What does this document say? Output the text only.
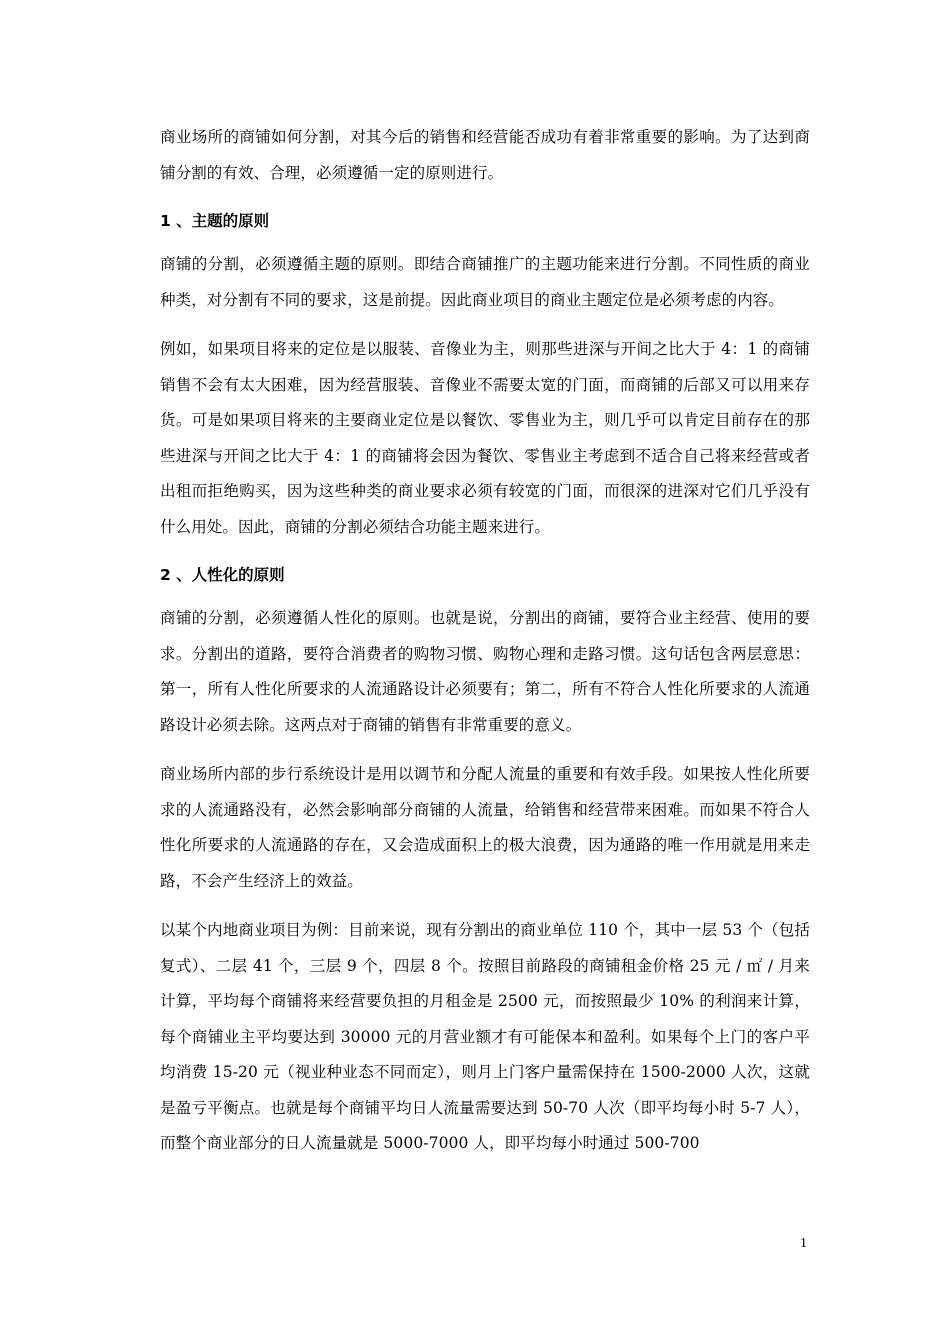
商业场所的商铺如何分割，对其今后的销售和经营能否成功有着非常重要的影响。为了达到商铺分割的有效、合理，必须遵循一定的原则进行。

1 、主题的原则

商铺的分割，必须遵循主题的原则。即结合商铺推广的主题功能来进行分割。不同性质的商业种类，对分割有不同的要求，这是前提。因此商业项目的商业主题定位是必须考虑的内容。

例如，如果项目将来的定位是以服装、音像业为主，则那些进深与开间之比大于 4：1 的商铺销售不会有太大困难，因为经营服装、音像业不需要太宽的门面，而商铺的后部又可以用来存货。可是如果项目将来的主要商业定位是以餐饮、零售业为主，则几乎可以肯定目前存在的那些进深与开间之比大于 4：1 的商铺将会因为餐饮、零售业主考虑到不适合自己将来经营或者出租而拒绝购买，因为这些种类的商业要求必须有较宽的门面，而很深的进深对它们几乎没有什么用处。因此，商铺的分割必须结合功能主题来进行。

2 、人性化的原则

商铺的分割，必须遵循人性化的原则。也就是说，分割出的商铺，要符合业主经营、使用的要求。分割出的道路，要符合消费者的购物习惯、购物心理和走路习惯。这句话包含两层意思：第一，所有人性化所要求的人流通路设计必须要有；第二，所有不符合人性化所要求的人流通路设计必须去除。这两点对于商铺的销售有非常重要的意义。

商业场所内部的步行系统设计是用以调节和分配人流量的重要和有效手段。如果按人性化所要求的人流通路没有，必然会影响部分商铺的人流量，给销售和经营带来困难。而如果不符合人性化所要求的人流通路的存在，又会造成面积上的极大浪费，因为通路的唯一作用就是用来走路，不会产生经济上的效益。

以某个内地商业项目为例：目前来说，现有分割出的商业单位 110 个，其中一层 53 个（包括复式）、二层 41 个，三层 9 个，四层 8 个。按照目前路段的商铺租金价格 25 元 / ㎡ / 月来计算，平均每个商铺将来经营要负担的月租金是 2500 元，而按照最少 10% 的利润来计算，每个商铺业主平均要达到 30000 元的月营业额才有可能保本和盈利。如果每个上门的客户平均消费 15-20 元（视业种业态不同而定），则月上门客户量需保持在 1500-2000 人次，这就是盈亏平衡点。也就是每个商铺平均日人流量需要达到 50-70 人次（即平均每小时 5-7 人），而整个商业部分的日人流量就是 5000-7000 人，即平均每小时通过 500-700

1
